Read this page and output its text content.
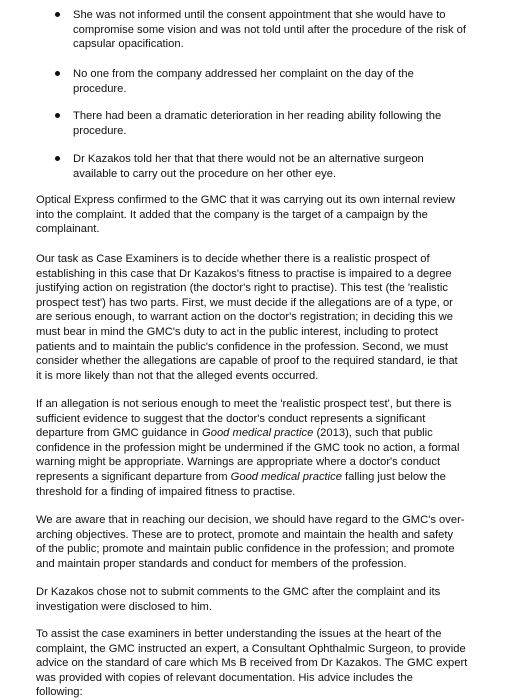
She was not informed until the consent appointment that she would have to
compromise some vision and was not told until after the procedure of the risk of
capsular opacification.
No one from the company addressed her complaint on the day of the
procedure.
There had been a dramatic deterioration in her reading ability following the
procedure.
Dr Kazakos told her that that there would not be an alternative surgeon
available to carry out the procedure on her other eye.

Optical Express confirmed to the GMC that it was carrying out its own internal review
into the complaint. It added that the company is the target of a campaign by the
complainant.

Our task as Case Examiners is to decide whether there is a realistic prospect of
establishing in this case that Dr Kazakos's fitness to practise is impaired to a degree
justifying action on registration (the doctor's right to practise). This test (the 'realistic
prospect test') has two parts. First, we must decide if the allegations are of a type, or
are serious enough, to warrant action on the doctor's registration; in deciding this we
must bear in mind the GMC's duty to act in the public interest, including to protect
patients and to maintain the public's confidence in the profession. Second, we must
consider whether the allegations are capable of proof to the required standard, ie that
it is more likely than not that the alleged events occurred.

If an allegation is not serious enough to meet the 'realistic prospect test', but there is
sufficient evidence to suggest that the doctor's conduct represents a significant
departure from GMC guidance in Good medical practice (2013), such that public
confidence in the profession might be undermined if the GMC took no action, a formal
warning might be appropriate. Warnings are appropriate where a doctor's conduct
represents a significant departure from Good medical practice falling just below the
threshold for a finding of impaired fitness to practise.

We are aware that in reaching our decision, we should have regard to the GMC's over-
arching objectives. These are to protect, promote and maintain the health and safety
of the public; promote and maintain public confidence in the profession; and promote
and maintain proper standards and conduct for members of the profession.

Dr Kazakos chose not to submit comments to the GMC after the complaint and its
investigation were disclosed to him.

To assist the case examiners in better understanding the issues at the heart of the
complaint, the GMC instructed an expert, a Consultant Ophthalmic Surgeon, to provide
advice on the standard of care which Ms B received from Dr Kazakos. The GMC expert
was provided with copies of relevant documentation. His advice includes the
following:
